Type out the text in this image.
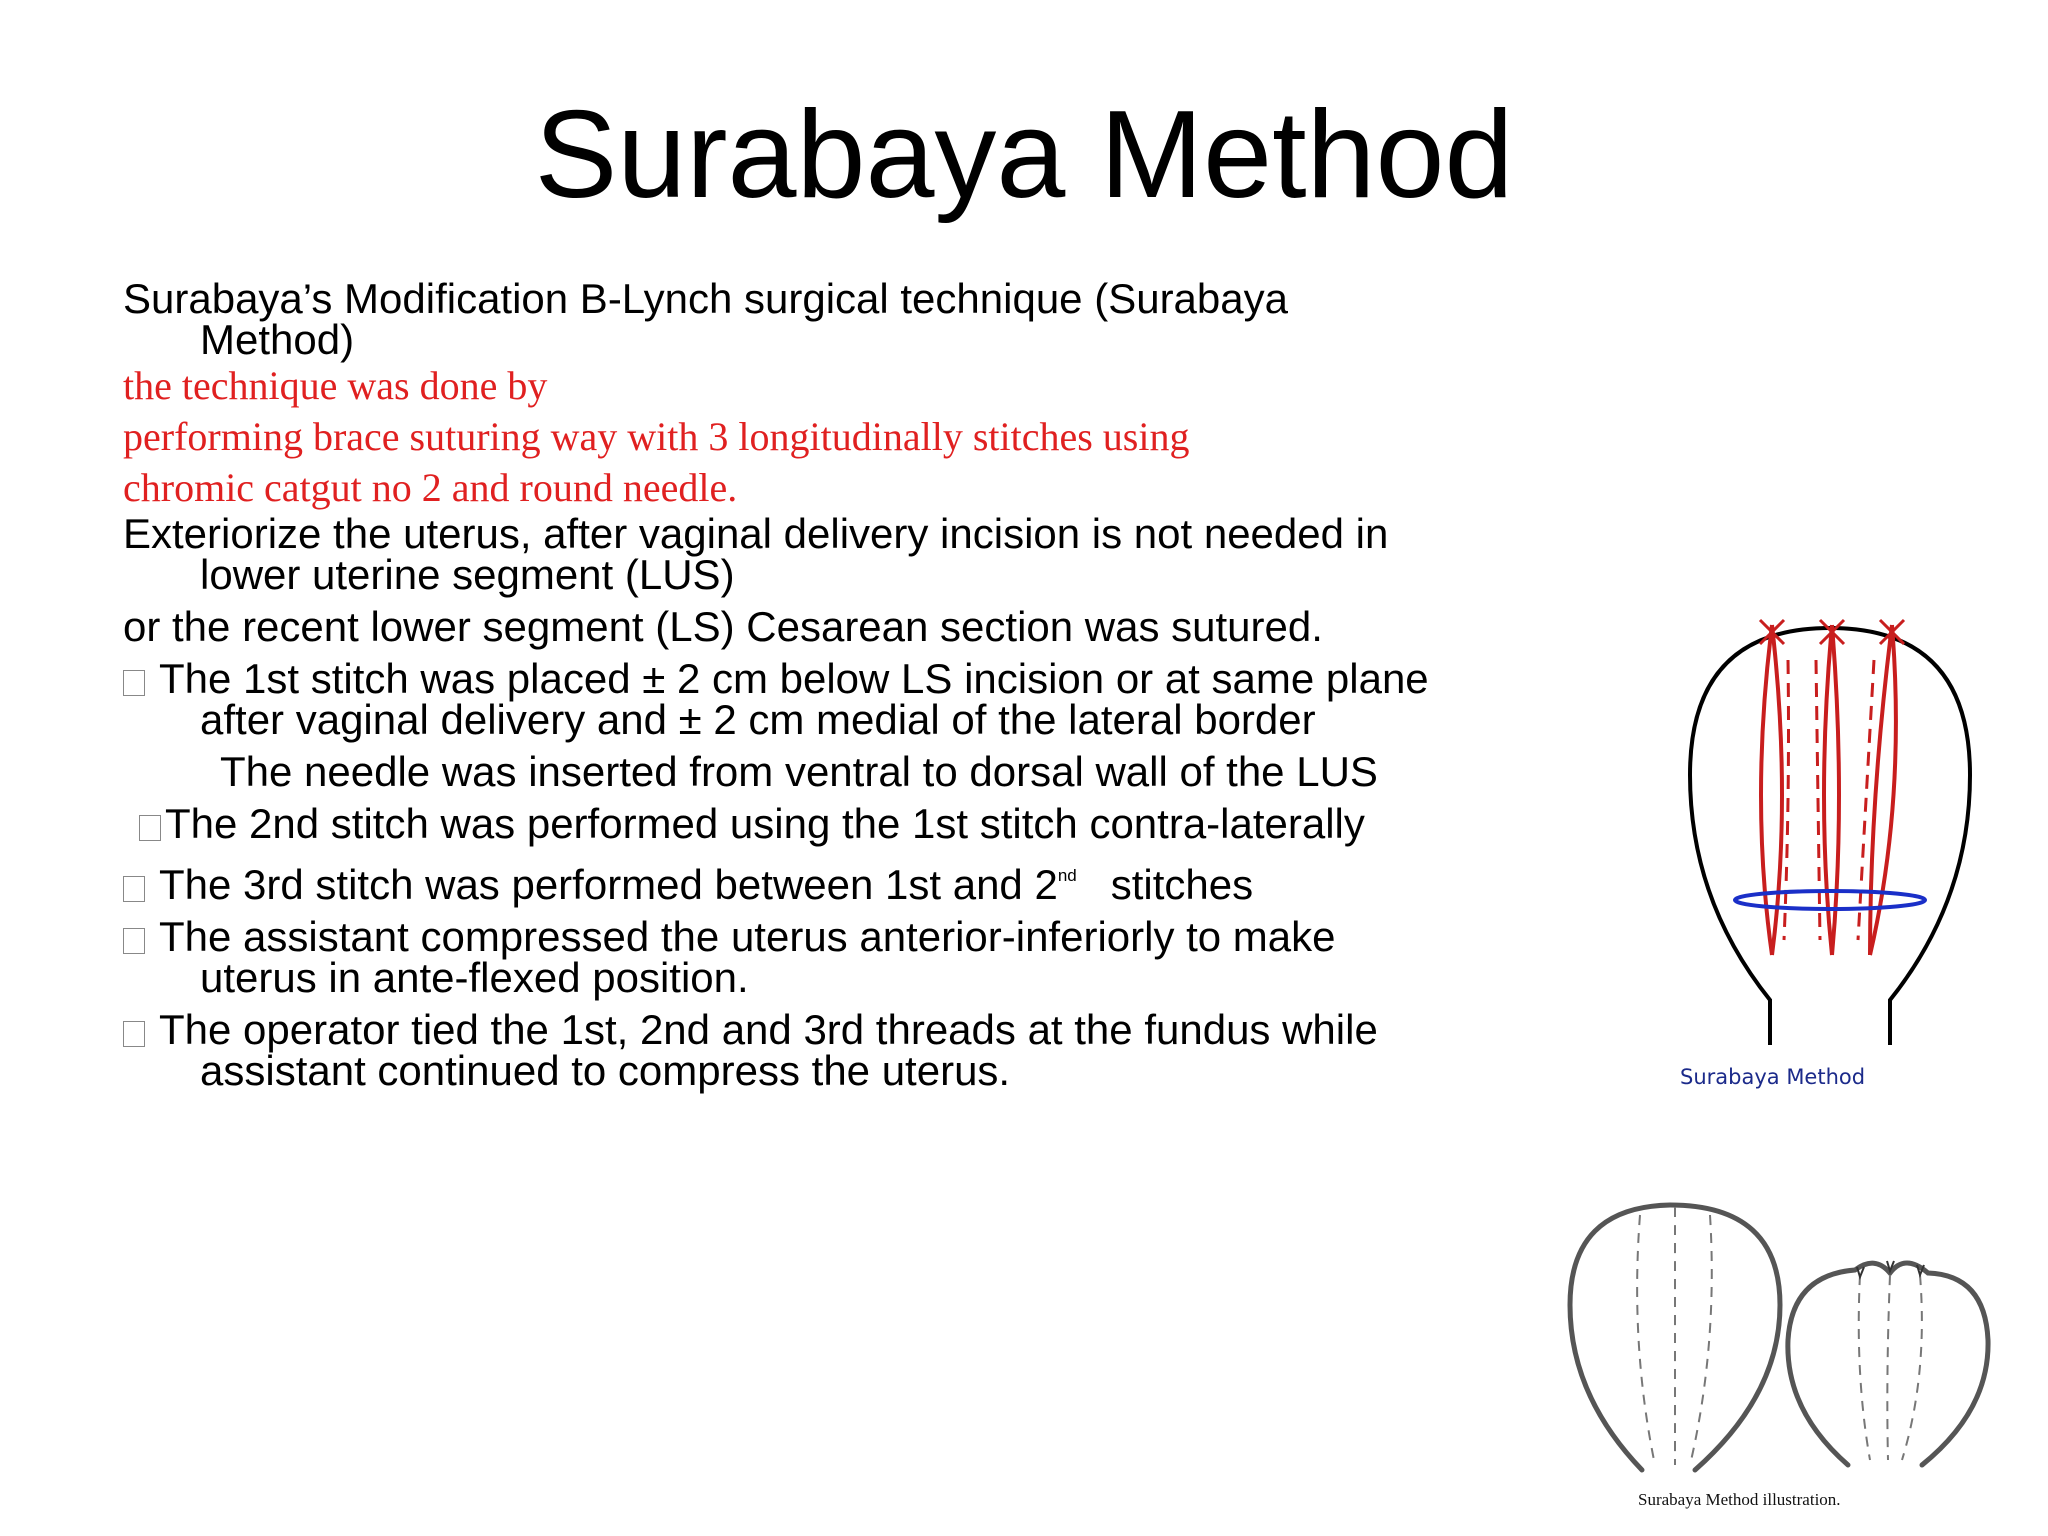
Surabaya Method

Surabaya’s Modification B-Lynch surgical technique (Surabaya
Method)

the technique was done by

performing brace suturing way with 3 longitudinally stitches using

chromic catgut no 2 and round needle.

Exteriorize the uterus, after vaginal delivery incision is not needed in
lower uterine segment (LUS)

or the recent lower segment (LS) Cesarean section was sutured.

The 1st stitch was placed ± 2 cm below LS incision or at same plane
after vaginal delivery and ± 2 cm medial of the lateral border

The needle was inserted from ventral to dorsal wall of the LUS

The 2nd stitch was performed using the 1st stitch contra-laterally

The 3rd stitch was performed between 1st and 2nd stitches

The assistant compressed the uterus anterior-inferiorly to make
uterus in ante-flexed position.

The operator tied the 1st, 2nd and 3rd threads at the fundus while
assistant continued to compress the uterus.	Surabaya Method
Surabaya Method illustration.
